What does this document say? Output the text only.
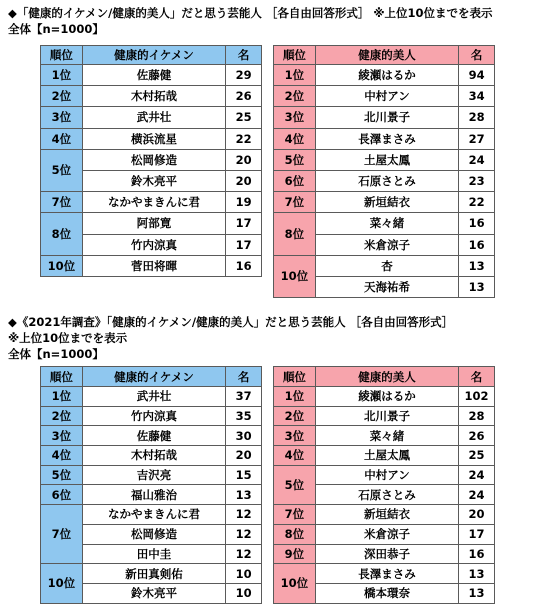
◆「健康的イケメン/健康的美人」だと思う芸能人 ［各自由回答形式］ ※上位10位までを表示
全体【n=1000】
順位	健康的イケメン	名
1位	佐藤健	29
2位	木村拓哉	26
3位	武井壮	25
4位	横浜流星	22
5位	松岡修造	20
	鈴木亮平	20
7位	なかやまきんに君	19
8位	阿部寛	17
	竹内涼真	17
10位	菅田将暉	16
順位	健康的美人	名
1位	綾瀬はるか	94
2位	中村アン	34
3位	北川景子	28
4位	長澤まさみ	27
5位	土屋太鳳	24
6位	石原さとみ	23
7位	新垣結衣	22
8位	菜々緒	16
	米倉涼子	16
10位	杏	13
	天海祐希	13
◆《2021年調査》「健康的イケメン/健康的美人」だと思う芸能人 ［各自由回答形式］
※上位10位までを表示
全体【n=1000】
順位	健康的イケメン	名
1位	武井壮	37
2位	竹内涼真	35
3位	佐藤健	30
4位	木村拓哉	20
5位	吉沢亮	15
6位	福山雅治	13
7位	なかやまきんに君	12
	松岡修造	12
	田中圭	12
10位	新田真剣佑	10
	鈴木亮平	10
順位	健康的美人	名
1位	綾瀬はるか	102
2位	北川景子	28
3位	菜々緒	26
4位	土屋太鳳	25
5位	中村アン	24
	石原さとみ	24
7位	新垣結衣	20
8位	米倉涼子	17
9位	深田恭子	16
10位	長澤まさみ	13
	橋本環奈	13
